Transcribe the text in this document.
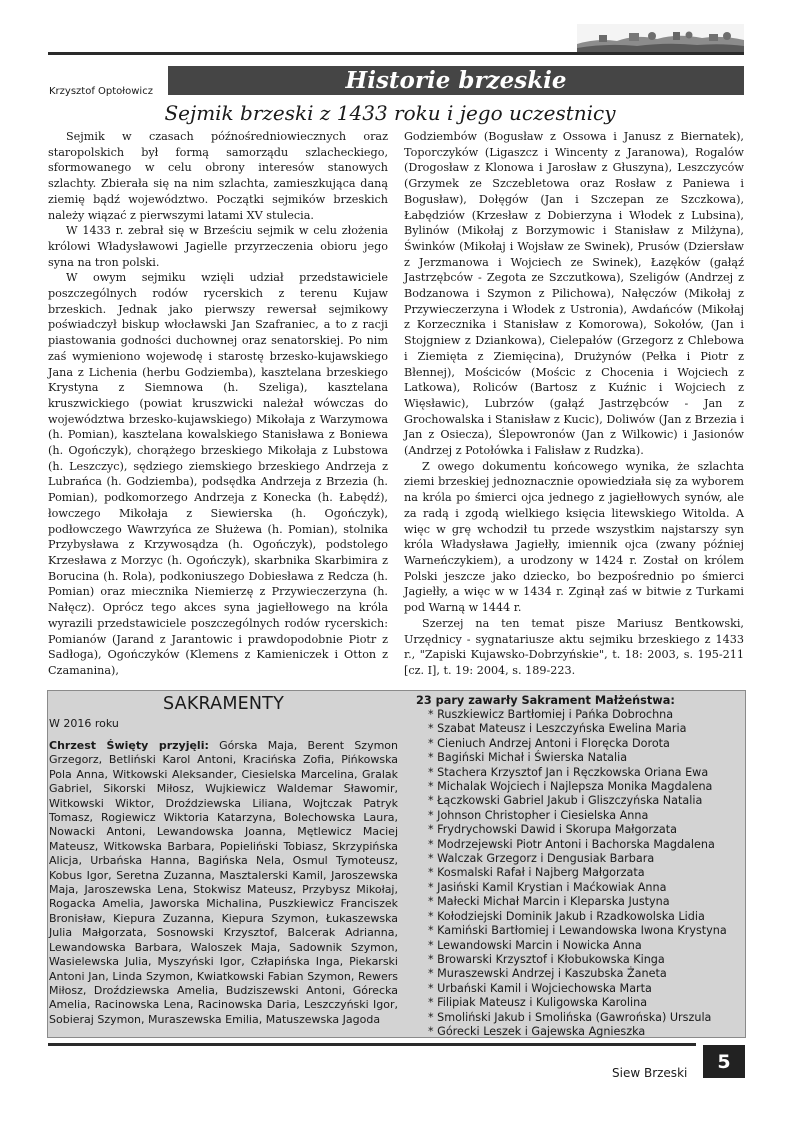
Historie brzeskie
Krzysztof Optołowicz
Sejmik brzeski z 1433 roku i jego uczestnicy

Sejmik w czasach późnośredniowiecznych oraz staropolskich był formą samorządu szlacheckiego, sformowanego w celu obrony interesów stanowych szlachty. Zbierała się na nim szlachta, zamieszkująca daną ziemię bądź województwo. Początki sejmików brzeskich należy wiązać z pierwszymi latami XV stulecia.

W 1433 r. zebrał się w Brześciu sejmik w celu złożenia królowi Władysławowi Jagielle przyrzeczenia obioru jego syna na tron polski.

W owym sejmiku wzięli udział przedstawiciele poszczególnych rodów rycerskich z terenu Kujaw brzeskich. Jednak jako pierwszy rewersał sejmikowy poświadczył biskup włocławski Jan Szafraniec, a to z racji piastowania godności duchownej oraz senatorskiej. Po nim zaś wymieniono wojewodę i starostę brzesko-kujawskiego Jana z Lichenia (herbu Godziemba), kasztelana brzeskiego Krystyna z Siemnowa (h. Szeliga), kasztelana kruszwickiego (powiat kruszwicki należał wówczas do województwa brzesko-kujawskiego) Mikołaja z Warzymowa (h. Pomian), kasztelana kowalskiego Stanisława z Boniewa (h. Ogończyk), chorążego brzeskiego Mikołaja z Lubstowa (h. Leszczyc), sędziego ziemskiego brzeskiego Andrzeja z Lubrańca (h. Godziemba), podsędka Andrzeja z Brzezia (h. Pomian), podkomorzego Andrzeja z Konecka (h. Łabędź), łowczego Mikołaja z Siewierska (h. Ogończyk), podłowczego Wawrzyńca ze Służewa (h. Pomian), stolnika Przybysława z Krzywosądza (h. Ogończyk), podstolego Krzesława z Morzyc (h. Ogończyk), skarbnika Skarbimira z Borucina (h. Rola), podkoniuszego Dobiesława z Redcza (h. Pomian) oraz miecznika Niemierzę z Przywieczerzyna (h. Nałęcz). Oprócz tego akces syna jagiełłowego na króla wyrazili przedstawiciele poszczególnych rodów rycerskich: Pomianów (Jarand z Jarantowic i prawdopodobnie Piotr z Sadłoga), Ogończyków (Klemens z Kamieniczek i Otton z Czamanina),

Godziembów (Bogusław z Ossowa i Janusz z Biernatek), Toporczyków (Ligaszcz i Wincenty z Jaranowa), Rogalów (Drogosław z Klonowa i Jarosław z Głuszyna), Leszczyców (Grzymek ze Szczebletowa oraz Rosław z Paniewa i Bogusław), Dołęgów (Jan i Szczepan ze Szczkowa), Łabędziów (Krzesław z Dobierzyna i Włodek z Lubsina), Bylinów (Mikołaj z Borzymowic i Stanisław z Milżyna), Świnków (Mikołaj i Wojsław ze Swinek), Prusów (Dziersław z Jerzmanowa i Wojciech ze Swinek), Łazęków (gałąź Jastrzębców - Zegota ze Szczutkowa), Szeligów (Andrzej z Bodzanowa i Szymon z Pilichowa), Nałęczów (Mikołaj z Przywieczerzyna i Włodek z Ustronia), Awdańców (Mikołaj z Korzecznika i Stanisław z Komorowa), Sokołów, (Jan i Stojgniew z Dziankowa), Cielepałów (Grzegorz z Chlebowa i Ziemięta z Ziemięcina), Drużynów (Pełka i Piotr z Błennej), Mościców (Mościc z Chocenia i Wojciech z Latkowa), Roliców (Bartosz z Kuźnic i Wojciech z Więsławic), Lubrzów (gałąź Jastrzębców - Jan z Grochowalska i Stanisław z Kucic), Doliwów (Jan z Brzezia i Jan z Osiecza), Ślepowronów (Jan z Wilkowic) i Jasionów (Andrzej z Potołówka i Falisław z Rudzka).

Z owego dokumentu końcowego wynika, że szlachta ziemi brzeskiej jednoznacznie opowiedziała się za wyborem na króla po śmierci ojca jednego z jagiełłowych synów, ale za radą i zgodą wielkiego księcia litewskiego Witolda. A więc w grę wchodził tu przede wszystkim najstarszy syn króla Władysława Jagiełły, imiennik ojca (zwany później Warneńczykiem), a urodzony w 1424 r. Został on królem Polski jeszcze jako dziecko, bo bezpośrednio po śmierci Jagiełły, a więc w w 1434 r. Zginął zaś w bitwie z Turkami pod Warną w 1444 r.

Szerzej na ten temat pisze Mariusz Bentkowski, Urzędnicy - sygnatariusze aktu sejmiku brzeskiego z 1433 r., "Zapiski Kujawsko-Dobrzyńskie", t. 18: 2003, s. 195-211 [cz. I], t. 19: 2004, s. 189-223.

SAKRAMENTY
W 2016 roku
Chrzest Święty przyjęli: Górska Maja, Berent Szymon Grzegorz, Betliński Karol Antoni, Kracińska Zofia, Pińkowska Pola Anna, Witkowski Aleksander, Ciesielska Marcelina, Gralak Gabriel, Sikorski Miłosz, Wujkiewicz Waldemar Sławomir, Witkowski Wiktor, Droździewska Liliana, Wojtczak Patryk Tomasz, Rogiewicz Wiktoria Katarzyna, Bolechowska Laura, Nowacki Antoni, Lewandowska Joanna, Mętlewicz Maciej Mateusz, Witkowska Barbara, Popieliński Tobiasz, Skrzypińska Alicja, Urbańska Hanna, Bagińska Nela, Osmul Tymoteusz, Kobus Igor, Seretna Zuzanna, Masztalerski Kamil, Jaroszewska Maja, Jaroszewska Lena, Stokwisz Mateusz, Przybysz Mikołaj, Rogacka Amelia, Jaworska Michalina, Puszkiewicz Franciszek Bronisław, Kiepura Zuzanna, Kiepura Szymon, Łukaszewska Julia Małgorzata, Sosnowski Krzysztof, Balcerak Adrianna, Lewandowska Barbara, Waloszek Maja, Sadownik Szymon, Wasielewska Julia, Myszyński Igor, Człapińska Inga, Piekarski Antoni Jan, Linda Szymon, Kwiatkowski Fabian Szymon, Rewers Miłosz, Droździewska Amelia, Budziszewski Antoni, Górecka Amelia, Racinowska Lena, Racinowska Daria, Leszczyński Igor, Sobieraj Szymon, Muraszewska Emilia, Matuszewska Jagoda
23 pary zawarły Sakrament Małżeństwa:
* Ruszkiewicz Bartłomiej i Pańka Dobrochna
* Szabat Mateusz i Leszczyńska Ewelina Maria
* Cieniuch Andrzej Antoni i Floręcka Dorota
* Bagiński Michał i Świerska Natalia
* Stachera Krzysztof Jan i Ręczkowska Oriana Ewa
* Michalak Wojciech i Najlepsza Monika Magdalena
* Łączkowski Gabriel Jakub i Gliszczyńska Natalia
* Johnson Christopher i Ciesielska Anna
* Frydrychowski Dawid i Skorupa Małgorzata
* Modrzejewski Piotr Antoni i Bachorska Magdalena
* Walczak Grzegorz i Dengusiak Barbara
* Kosmalski Rafał i Najberg Małgorzata
* Jasiński Kamil Krystian i Maćkowiak Anna
* Małecki Michał Marcin i Kleparska Justyna
* Kołodziejski Dominik Jakub i Rzadkowolska Lidia
* Kamiński Bartłomiej i Lewandowska Iwona Krystyna
* Lewandowski Marcin i Nowicka Anna
* Browarski Krzysztof i Kłobukowska Kinga
* Muraszewski Andrzej i Kaszubska Żaneta
* Urbański Kamil i Wojciechowska Marta
* Filipiak Mateusz i Kuligowska Karolina
* Smoliński Jakub i Smolińska (Gawrońska) Urszula
* Górecki Leszek i Gajewska Agnieszka
Siew Brzeski	5
